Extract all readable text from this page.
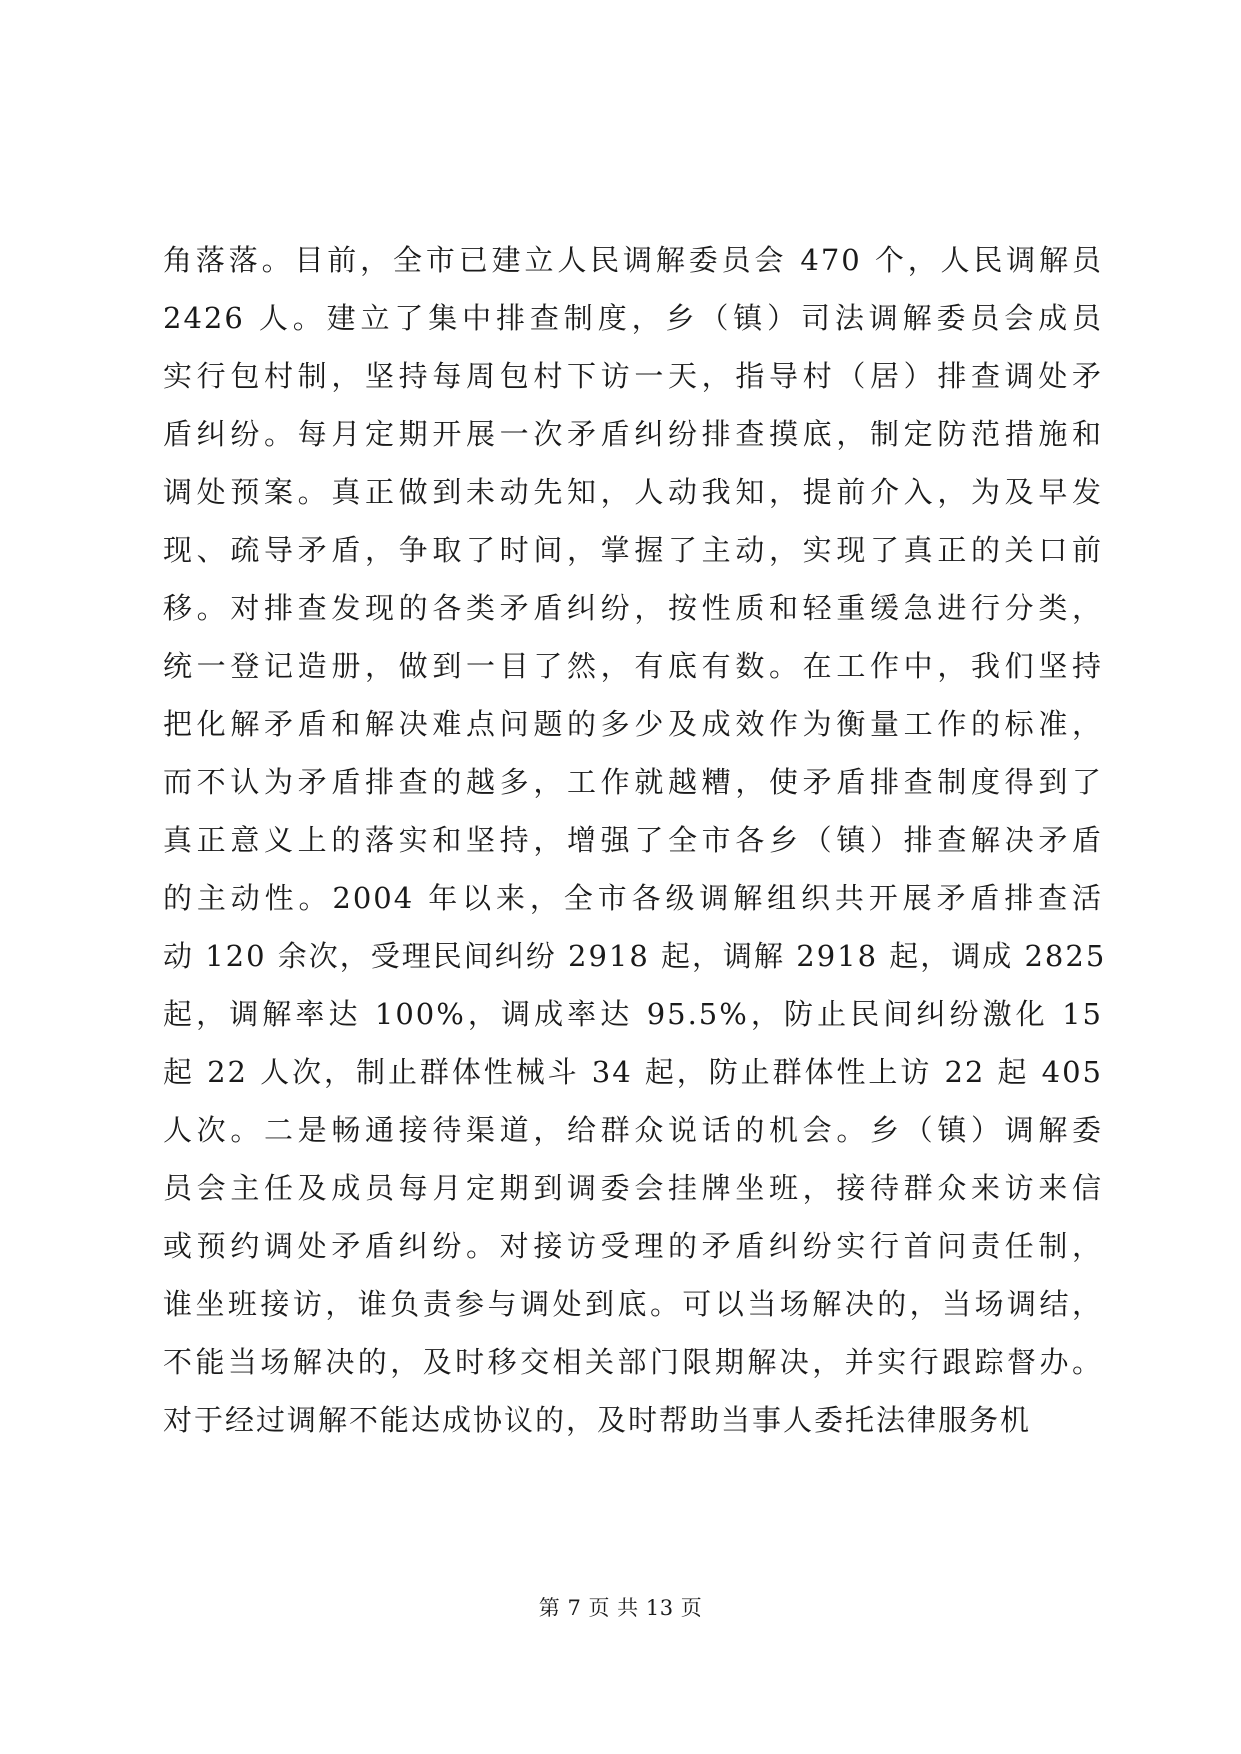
角落落。目前，全市已建立人民调解委员会 470 个，人民调解员
2426 人。建立了集中排查制度，乡（镇）司法调解委员会成员
实行包村制，坚持每周包村下访一天，指导村（居）排查调处矛
盾纠纷。每月定期开展一次矛盾纠纷排查摸底，制定防范措施和
调处预案。真正做到未动先知，人动我知，提前介入，为及早发
现、疏导矛盾，争取了时间，掌握了主动，实现了真正的关口前
移。对排查发现的各类矛盾纠纷，按性质和轻重缓急进行分类，
统一登记造册，做到一目了然，有底有数。在工作中，我们坚持
把化解矛盾和解决难点问题的多少及成效作为衡量工作的标准，
而不认为矛盾排查的越多，工作就越糟，使矛盾排查制度得到了
真正意义上的落实和坚持，增强了全市各乡（镇）排查解决矛盾
的主动性。2004 年以来，全市各级调解组织共开展矛盾排查活
动 120 余次，受理民间纠纷 2918 起，调解 2918 起，调成 2825
起，调解率达 100%，调成率达 95.5%，防止民间纠纷激化 15
起 22 人次，制止群体性械斗 34 起，防止群体性上访 22 起 405
人次。二是畅通接待渠道，给群众说话的机会。乡（镇）调解委
员会主任及成员每月定期到调委会挂牌坐班，接待群众来访来信
或预约调处矛盾纠纷。对接访受理的矛盾纠纷实行首问责任制，
谁坐班接访，谁负责参与调处到底。可以当场解决的，当场调结，
不能当场解决的，及时移交相关部门限期解决，并实行跟踪督办。
对于经过调解不能达成协议的，及时帮助当事人委托法律服务机
第 7 页 共 13 页
